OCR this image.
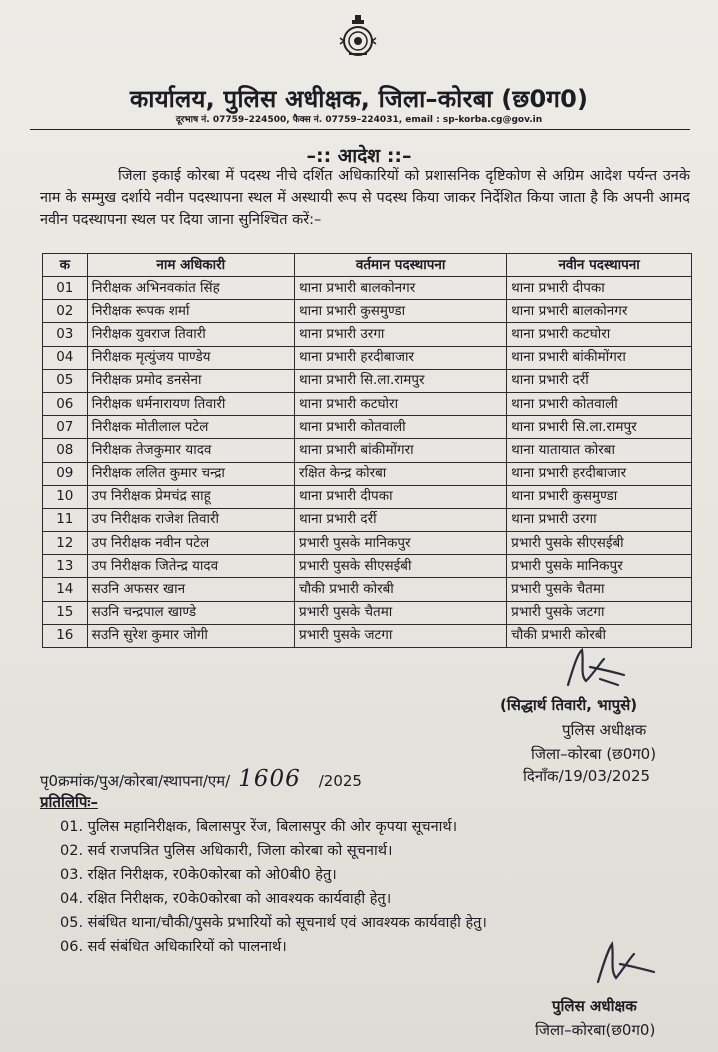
कार्यालय, पुलिस अधीक्षक, जिला–कोरबा (छ0ग0)
दूरभाष नं. 07759–224500, फैक्स नं. 07759–224031, email : sp-korba.cg@gov.in
–:: आदेश ::–
जिला इकाई कोरबा में पदस्थ नीचे दर्शित अधिकारियों को प्रशासनिक दृष्टिकोण से अग्रिम आदेश पर्यन्त उनके नाम के सम्मुख दर्शाये नवीन पदस्थापना स्थल में अस्थायी रूप से पदस्थ किया जाकर निर्देशित किया जाता है कि अपनी आमद नवीन पदस्थापना स्थल पर दिया जाना सुनिश्चित करें:–
क	नाम अधिकारी	वर्तमान पदस्थापना	नवीन पदस्थापना
01	निरीक्षक अभिनवकांत सिंह	थाना प्रभारी बालकोनगर	थाना प्रभारी दीपका
02	निरीक्षक रूपक शर्मा	थाना प्रभारी कुसमुण्डा	थाना प्रभारी बालकोनगर
03	निरीक्षक युवराज तिवारी	थाना प्रभारी उरगा	थाना प्रभारी कटघोरा
04	निरीक्षक मृत्युंजय पाण्डेय	थाना प्रभारी हरदीबाजार	थाना प्रभारी बांकीमोंगरा
05	निरीक्षक प्रमोद डनसेना	थाना प्रभारी सि.ला.रामपुर	थाना प्रभारी दर्री
06	निरीक्षक धर्मनारायण तिवारी	थाना प्रभारी कटघोरा	थाना प्रभारी कोतवाली
07	निरीक्षक मोतीलाल पटेल	थाना प्रभारी कोतवाली	थाना प्रभारी सि.ला.रामपुर
08	निरीक्षक तेजकुमार यादव	थाना प्रभारी बांकीमोंगरा	थाना यातायात कोरबा
09	निरीक्षक ललित कुमार चन्द्रा	रक्षित केन्द्र कोरबा	थाना प्रभारी हरदीबाजार
10	उप निरीक्षक प्रेमचंद्र साहू	थाना प्रभारी दीपका	थाना प्रभारी कुसमुण्डा
11	उप निरीक्षक राजेश तिवारी	थाना प्रभारी दर्री	थाना प्रभारी उरगा
12	उप निरीक्षक नवीन पटेल	प्रभारी पुसके मानिकपुर	प्रभारी पुसके सीएसईबी
13	उप निरीक्षक जितेन्द्र यादव	प्रभारी पुसके सीएसईबी	प्रभारी पुसके मानिकपुर
14	सउनि अफसर खान	चौकी प्रभारी कोरबी	प्रभारी पुसके चैतमा
15	सउनि चन्द्रपाल खाण्डे	प्रभारी पुसके चैतमा	प्रभारी पुसके जटगा
16	सउनि सुरेश कुमार जोगी	प्रभारी पुसके जटगा	चौकी प्रभारी कोरबी
(सिद्धार्थ तिवारी, भापुसे)
पुलिस अधीक्षक
जिला–कोरबा (छ0ग0)
पृ0क्रमांक/पुअ/कोरबा/स्थापना/एम/ 1606 /2025	दिनाँक/19/03/2025
प्रतिलिपिः–
01. पुलिस महानिरीक्षक, बिलासपुर रेंज, बिलासपुर की ओर कृपया सूचनार्थ।
02. सर्व राजपत्रित पुलिस अधिकारी, जिला कोरबा को सूचनार्थ।
03. रक्षित निरीक्षक, र0के0कोरबा को ओ0बी0 हेतु।
04. रक्षित निरीक्षक, र0के0कोरबा को आवश्यक कार्यवाही हेतु।
05. संबंधित थाना/चौकी/पुसके प्रभारियों को सूचनार्थ एवं आवश्यक कार्यवाही हेतु।
06. सर्व संबंधित अधिकारियों को पालनार्थ।
पुलिस अधीक्षक
जिला–कोरबा(छ0ग0)
